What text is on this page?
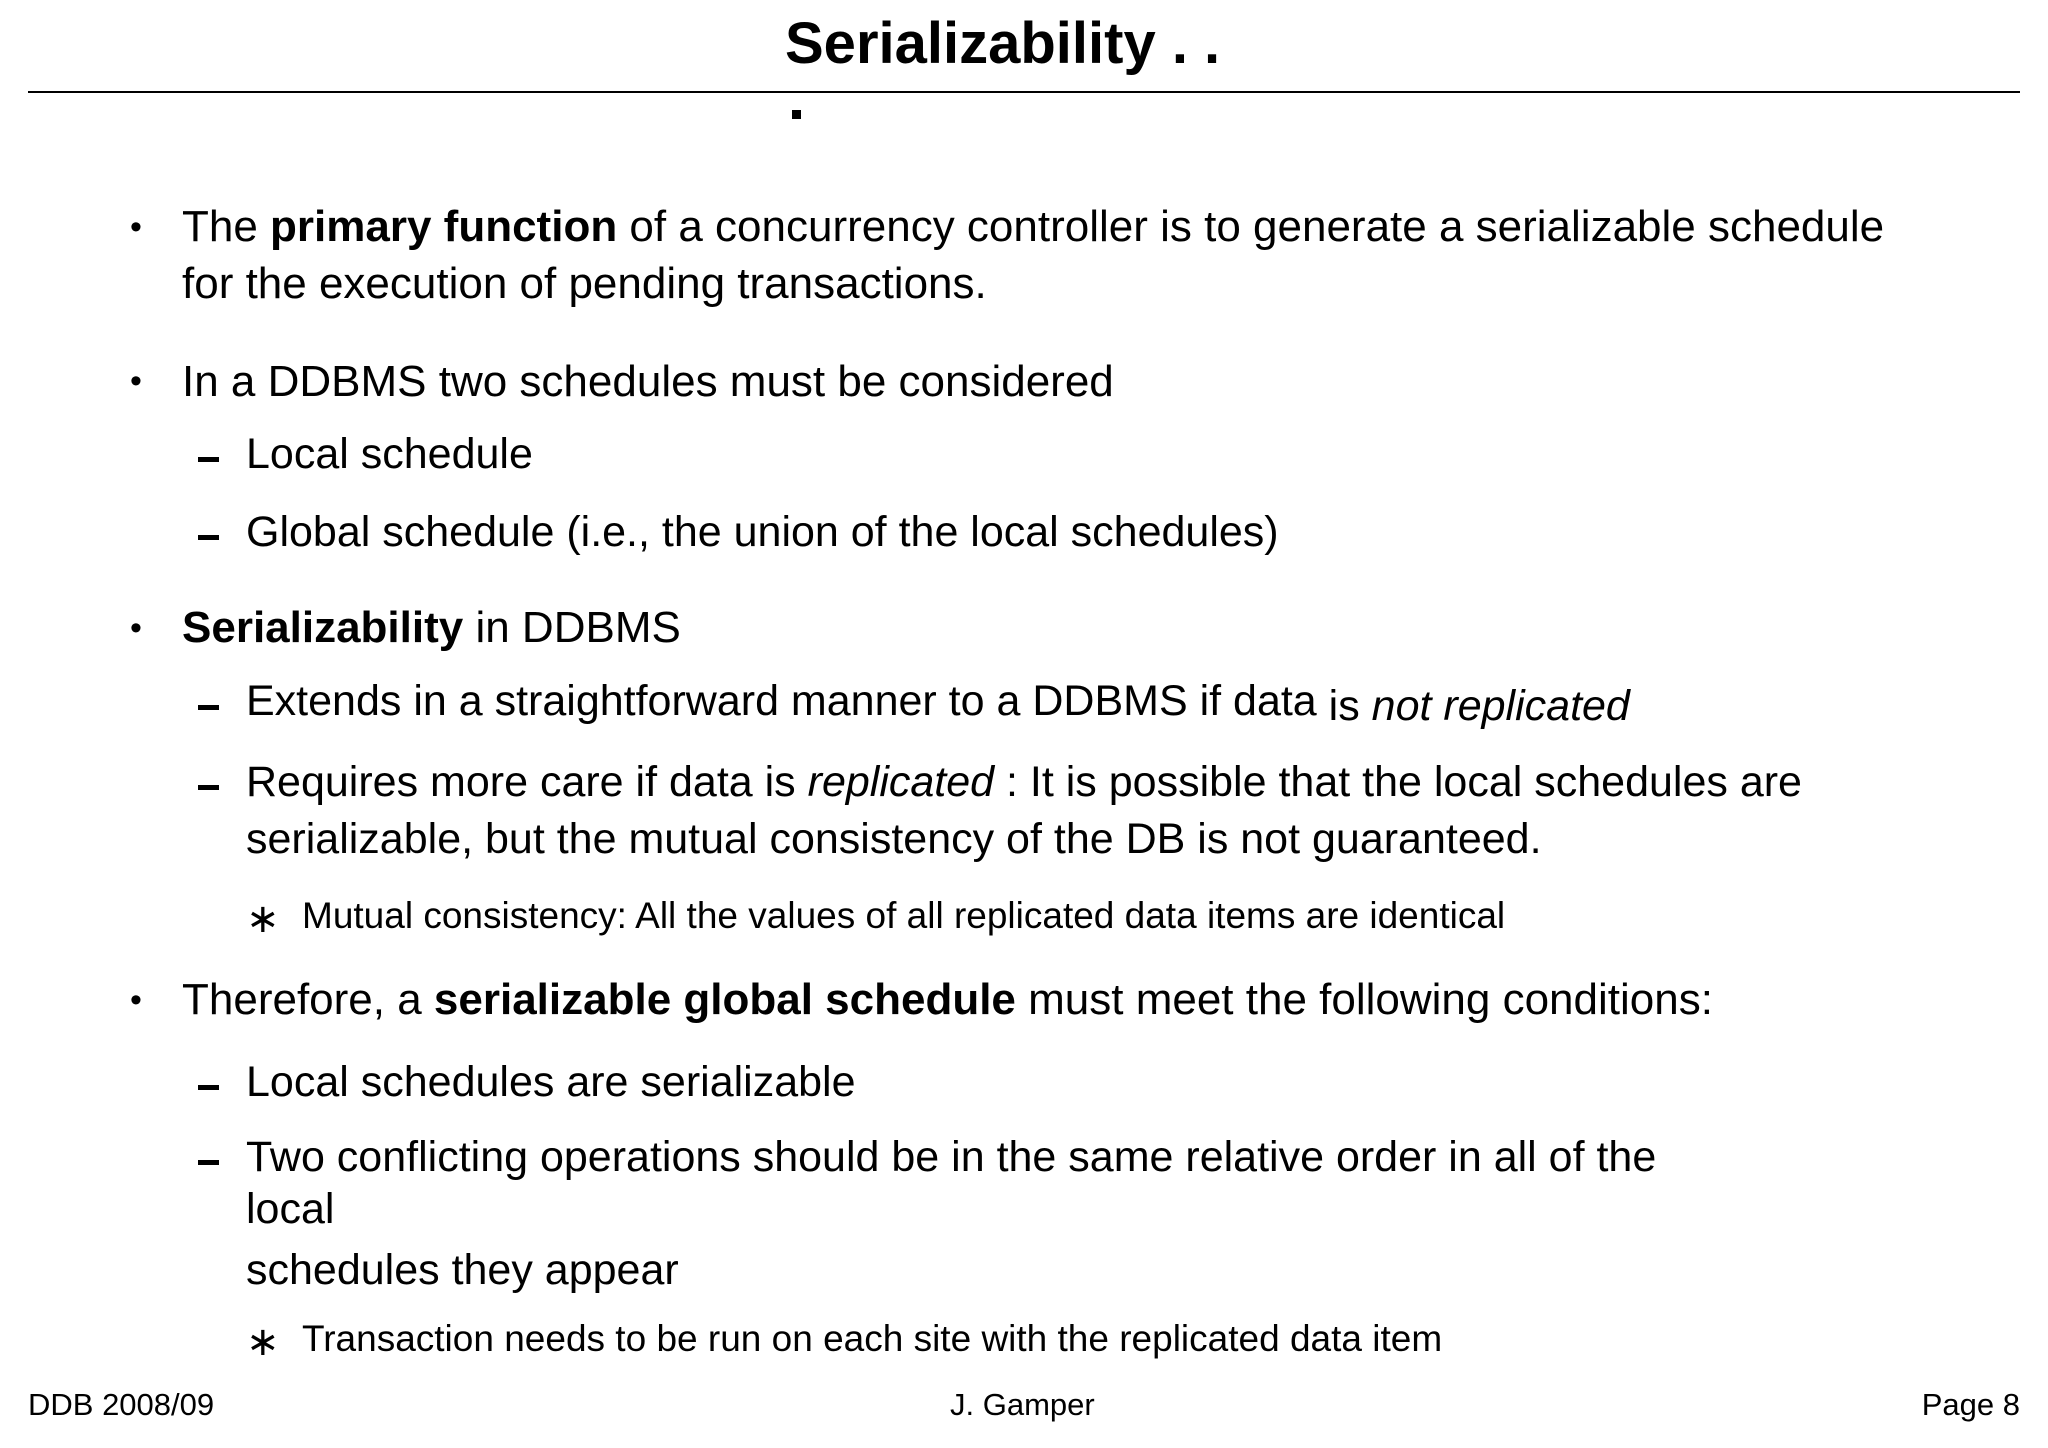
Serializability . .
• The primary function of a concurrency controller is to generate a serializable schedule
for the execution of pending transactions.
• In a DDBMS two schedules must be considered
Local schedule
Global schedule (i.e., the union of the local schedules)
• Serializability in DDBMS
Extends in a straightforward manner to a DDBMS if data is not replicated
Requires more care if data is replicated : It is possible that the local schedules are
serializable, but the mutual consistency of the DB is not guaranteed.
∗ Mutual consistency: All the values of all replicated data items are identical
• Therefore, a serializable global schedule must meet the following conditions:
Local schedules are serializable
Two conflicting operations should be in the same relative order in all of the
local
schedules they appear
∗ Transaction needs to be run on each site with the replicated data item
DDB 2008/09	J. Gamper	Page 8
